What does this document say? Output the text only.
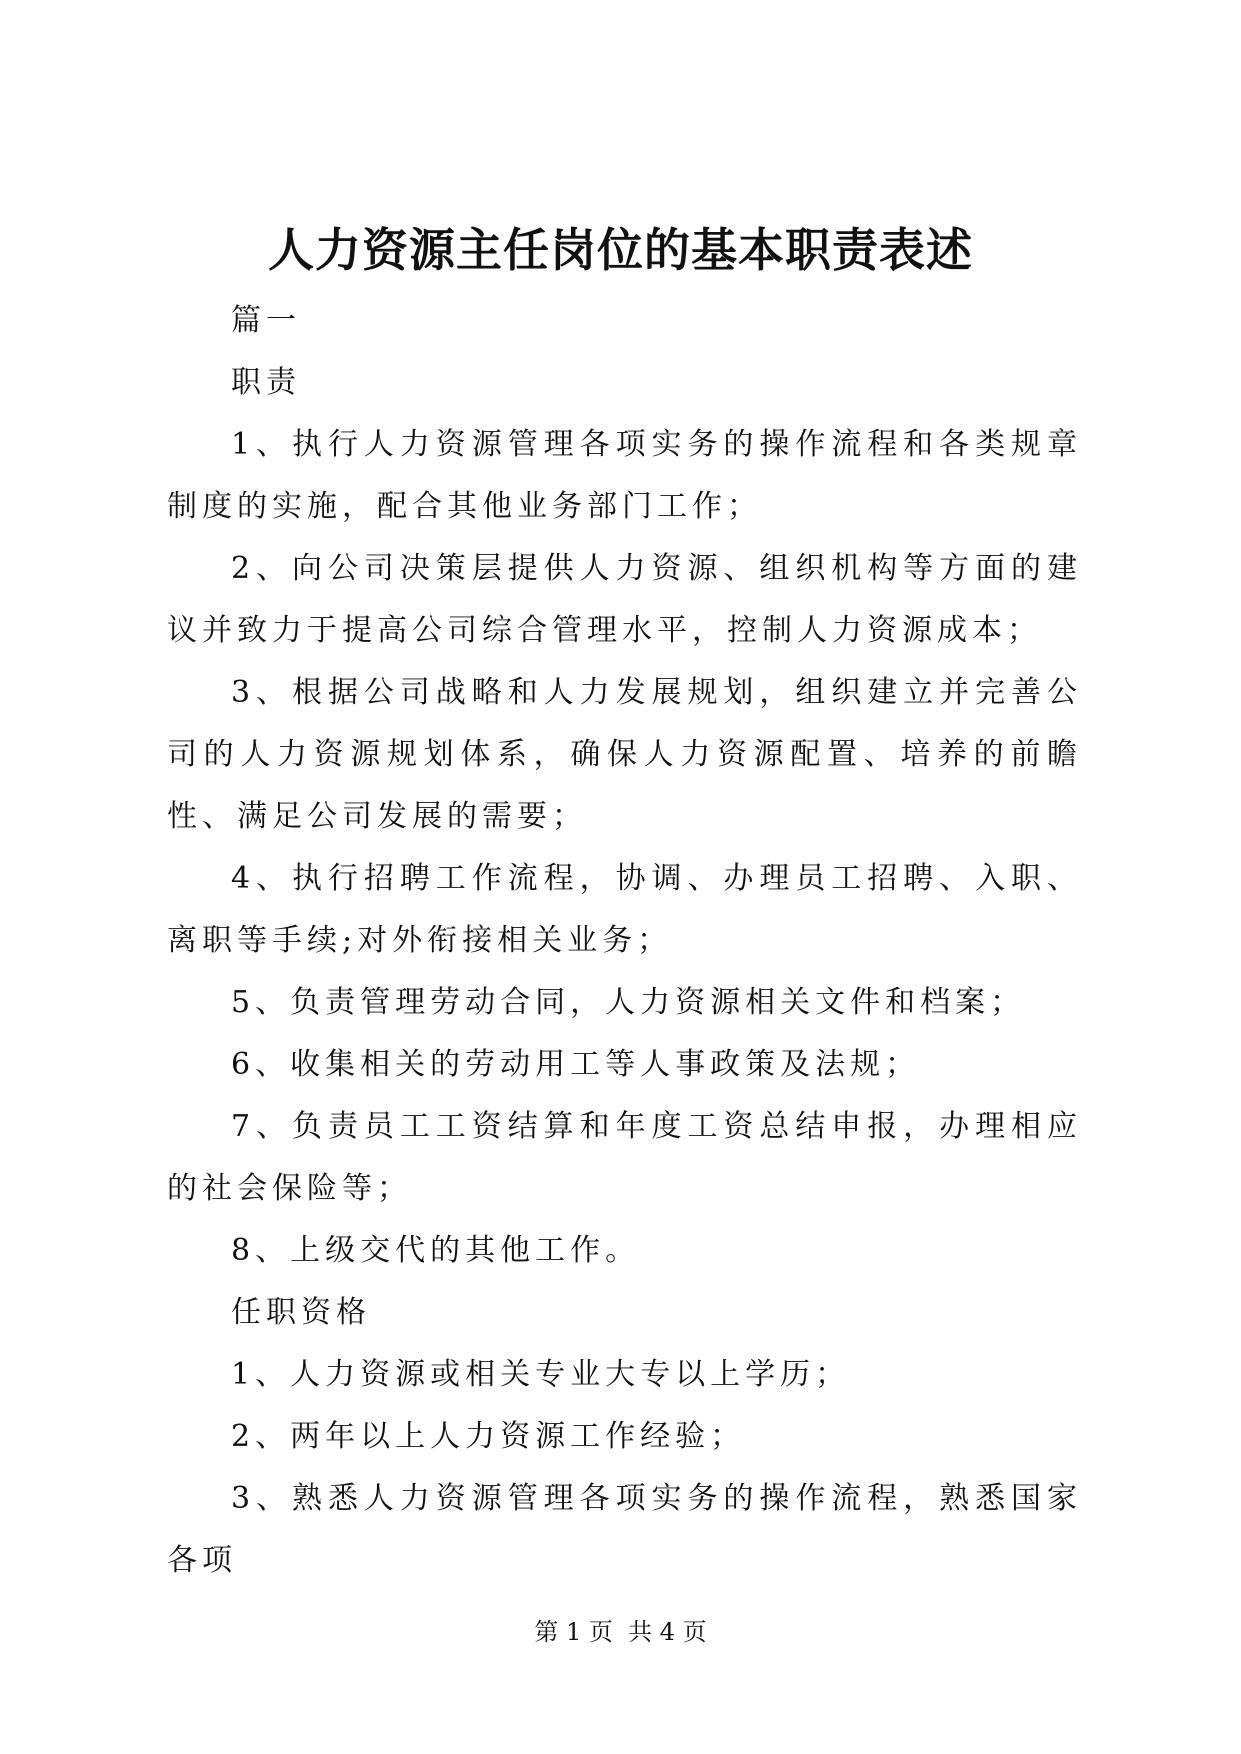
人力资源主任岗位的基本职责表述

篇一

职责

1、执行人力资源管理各项实务的操作流程和各类规章制度的实施，配合其他业务部门工作；

2、向公司决策层提供人力资源、组织机构等方面的建议并致力于提高公司综合管理水平，控制人力资源成本；

3、根据公司战略和人力发展规划，组织建立并完善公司的人力资源规划体系，确保人力资源配置、培养的前瞻性、满足公司发展的需要；

4、执行招聘工作流程，协调、办理员工招聘、入职、离职等手续;对外衔接相关业务；

5、负责管理劳动合同，人力资源相关文件和档案；

6、收集相关的劳动用工等人事政策及法规；

7、负责员工工资结算和年度工资总结申报，办理相应的社会保险等；

8、上级交代的其他工作。

任职资格

1、人力资源或相关专业大专以上学历；

2、两年以上人力资源工作经验；

3、熟悉人力资源管理各项实务的操作流程，熟悉国家各项

第 1 页  共 4 页
